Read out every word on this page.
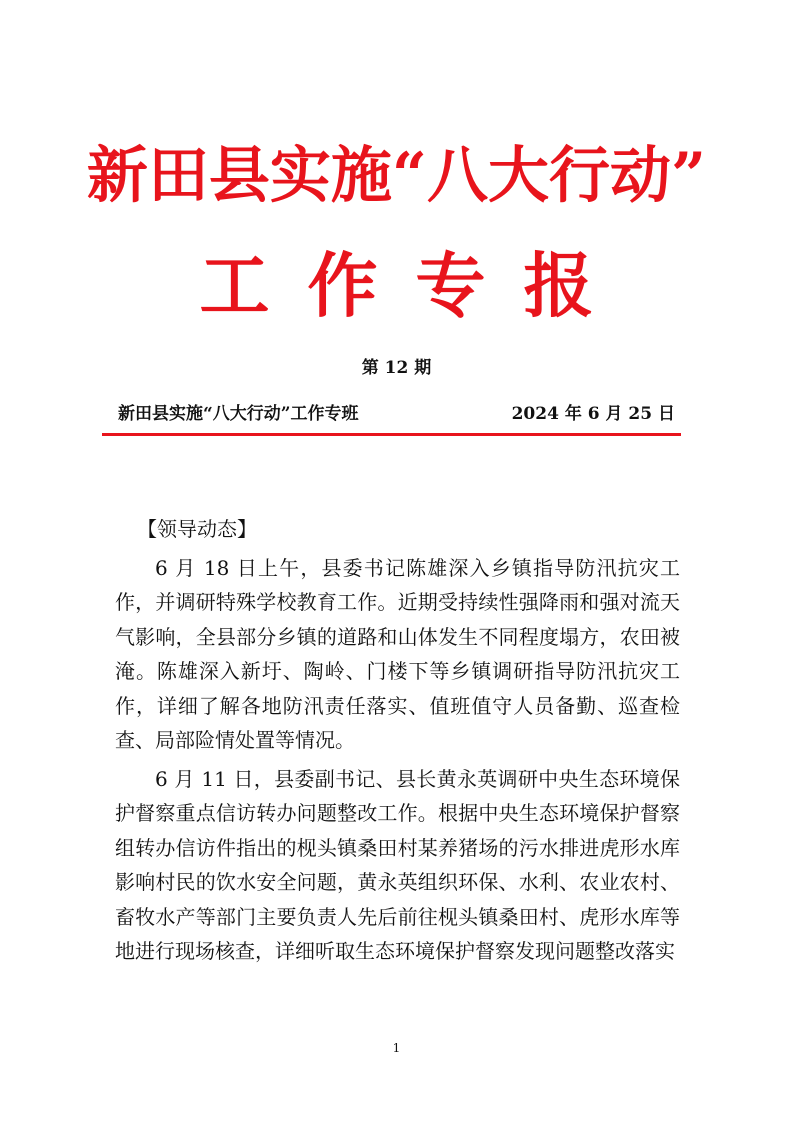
新田县实施“八大行动”
工作专报
第 12 期
新田县实施“八大行动”工作专班	2024 年 6 月 25 日

【领导动态】

6 月 18 日上午，县委书记陈雄深入乡镇指导防汛抗灾工作，并调研特殊学校教育工作。近期受持续性强降雨和强对流天气影响，全县部分乡镇的道路和山体发生不同程度塌方，农田被淹。陈雄深入新圩、陶岭、门楼下等乡镇调研指导防汛抗灾工作，详细了解各地防汛责任落实、值班值守人员备勤、巡查检查、局部险情处置等情况。

6 月 11 日，县委副书记、县长黄永英调研中央生态环境保护督察重点信访转办问题整改工作。根据中央生态环境保护督察组转办信访件指出的枧头镇桑田村某养猪场的污水排进虎形水库影响村民的饮水安全问题，黄永英组织环保、水利、农业农村、畜牧水产等部门主要负责人先后前往枧头镇桑田村、虎形水库等地进行现场核查，详细听取生态环境保护督察发现问题整改落实

1
